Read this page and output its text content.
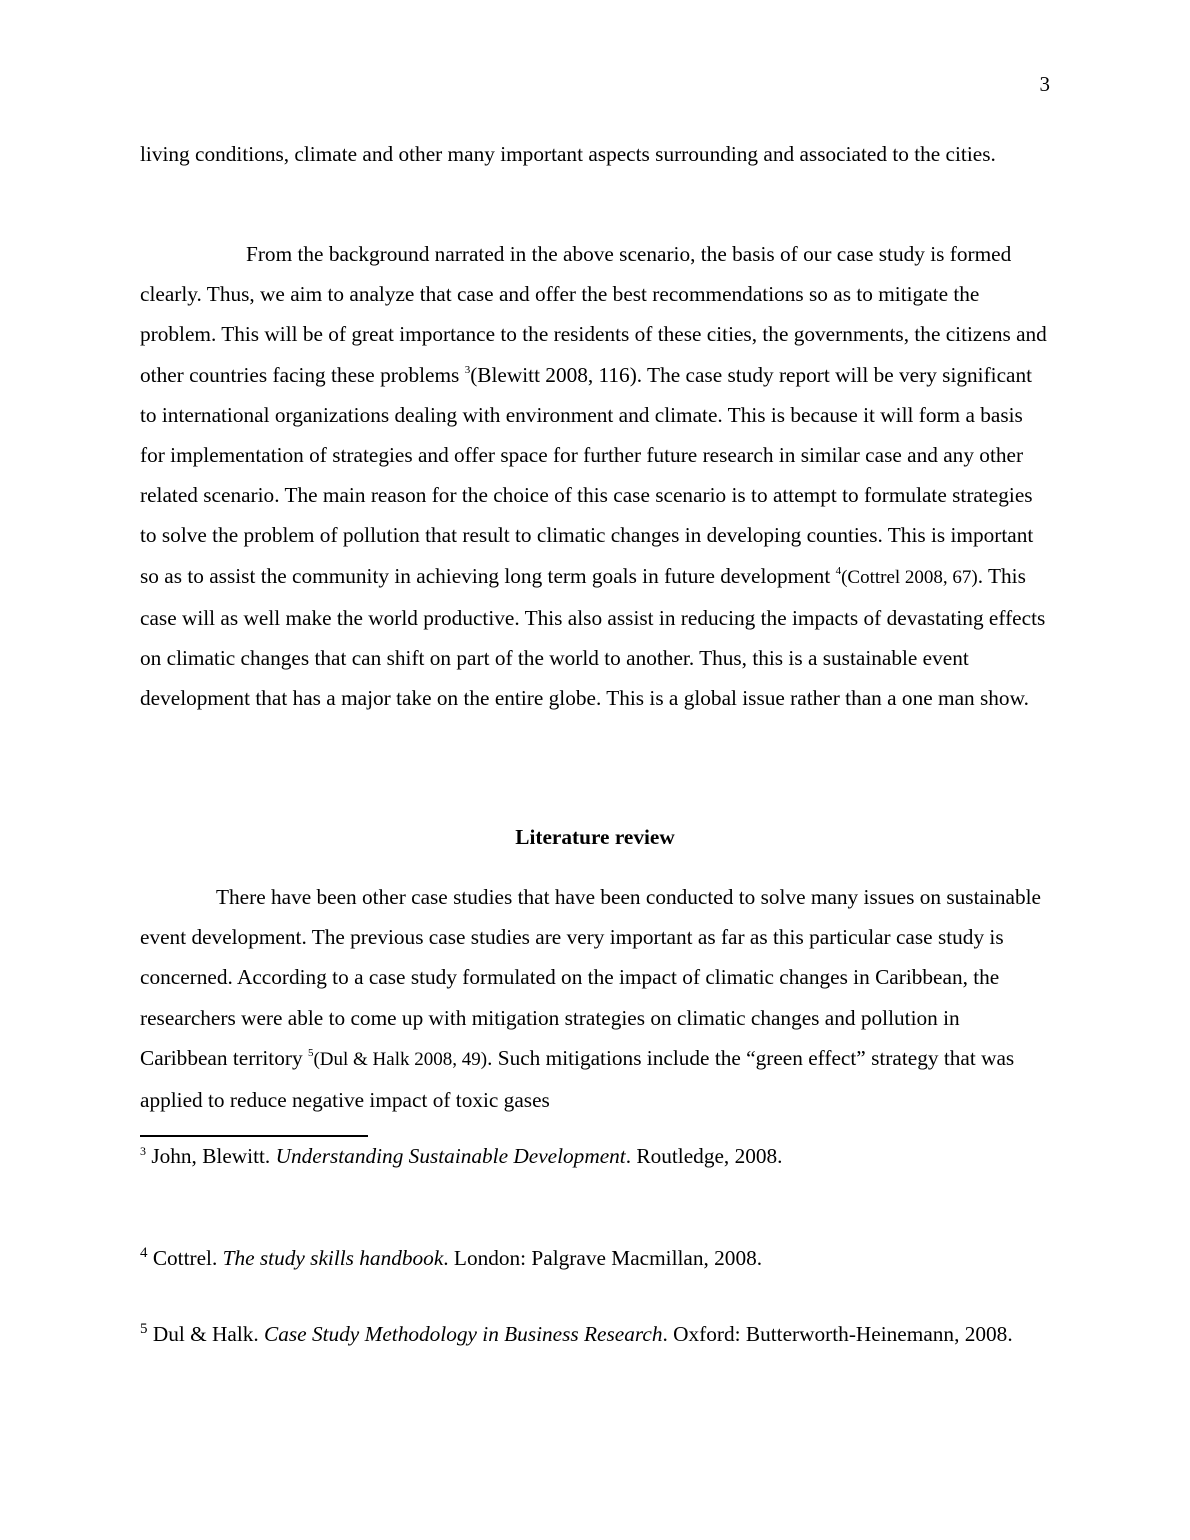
3
living conditions, climate and other many important aspects surrounding and associated to the cities.
From the background narrated in the above scenario, the basis of our case study is formed clearly. Thus, we aim to analyze that case and offer the best recommendations so as to mitigate the problem. This will be of great importance to the residents of these cities, the governments, the citizens and other countries facing these problems $^3$(Blewitt 2008, 116). The case study report will be very significant to international organizations dealing with environment and climate. This is because it will form a basis for implementation of strategies and offer space for further future research in similar case and any other related scenario. The main reason for the choice of this case scenario is to attempt to formulate strategies to solve the problem of pollution that result to climatic changes in developing counties. This is important so as to assist the community in achieving long term goals in future development $^4$(Cottrel 2008, 67). This case will as well make the world productive. This also assist in reducing the impacts of devastating effects on climatic changes that can shift on part of the world to another. Thus, this is a sustainable event development that has a major take on the entire globe. This is a global issue rather than a one man show.
Literature review
There have been other case studies that have been conducted to solve many issues on sustainable event development. The previous case studies are very important as far as this particular case study is concerned. According to a case study formulated on the impact of climatic changes in Caribbean, the researchers were able to come up with mitigation strategies on climatic changes and pollution in Caribbean territory $^5$(Dul & Halk 2008, 49). Such mitigations include the “green effect” strategy that was applied to reduce negative impact of toxic gases
$^3$ John, Blewitt. Understanding Sustainable Development. Routledge, 2008.
$^4$ Cottrel. The study skills handbook. London: Palgrave Macmillan, 2008.
$^5$ Dul & Halk. Case Study Methodology in Business Research. Oxford: Butterworth-Heinemann, 2008.
